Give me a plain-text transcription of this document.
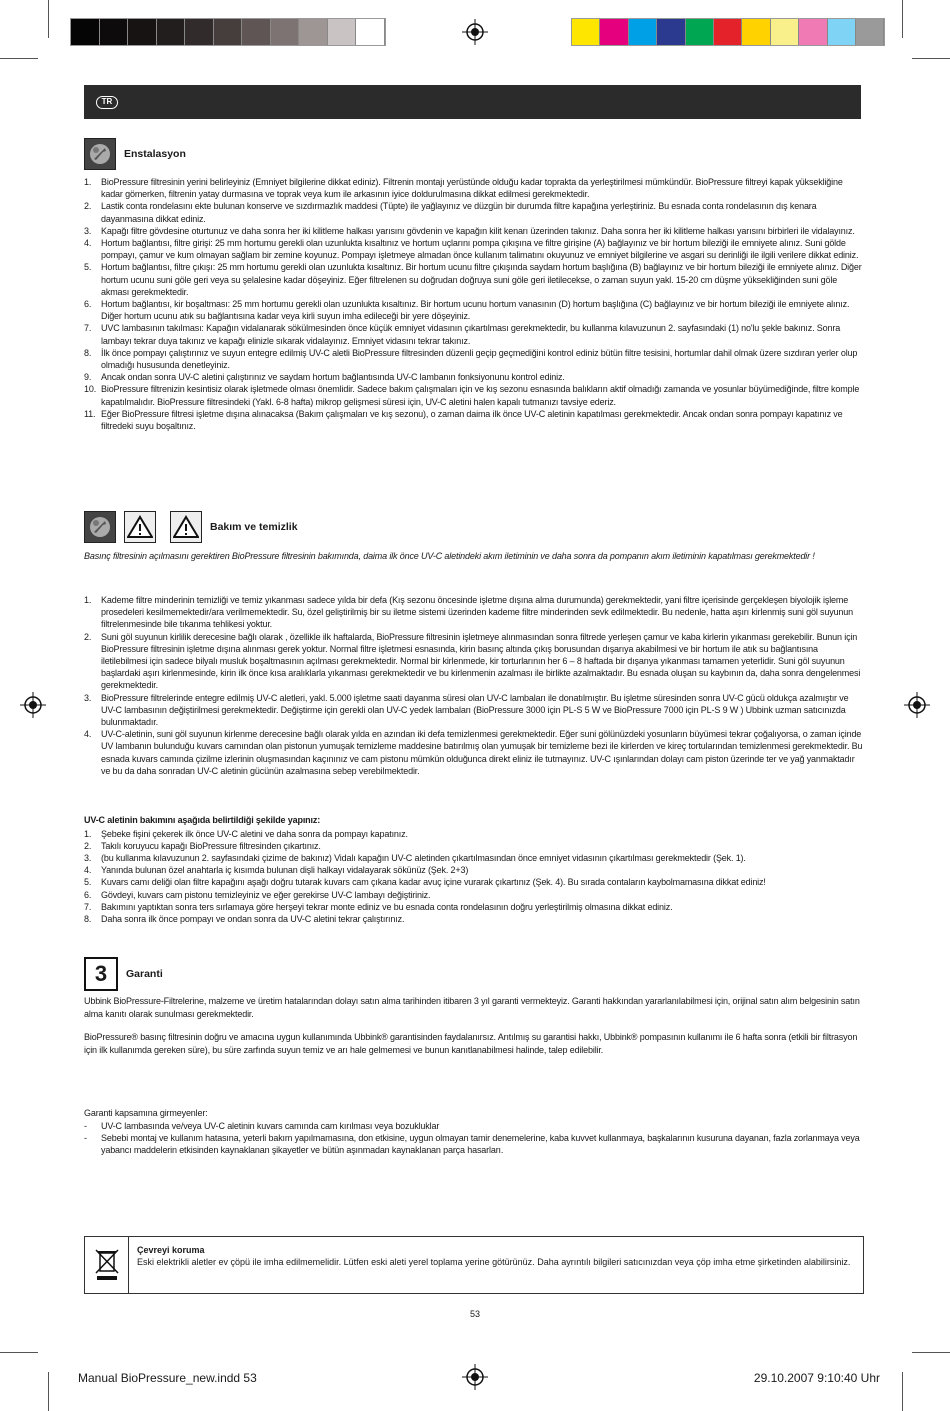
TR
Enstalasyon
1. BioPressure filtresinin yerini belirleyiniz (Emniyet bilgilerine dikkat ediniz). Filtrenin montajı yerüstünde olduğu kadar toprakta da yerleştirilmesi mümkündür. BioPressure filtreyi kapak yüksekliğine kadar gömerken, filtrenin yatay durmasına ve toprak veya kum ile arkasının iyice doldurulmasına dikkat edilmesi gerekmektedir.
2. Lastik conta rondelasını ekte bulunan konserve ve sızdırmazlık maddesi (Tüpte) ile yağlayınız ve düzgün bir durumda filtre kapağına yerleştiriniz. Bu esnada conta rondelasının dış kenara dayanmasına dikkat ediniz.
3. Kapağı filtre gövdesine oturtunuz ve daha sonra her iki kilitleme halkası yarısını gövdenin ve kapağın kilit kenarı üzerinden takınız. Daha sonra her iki kilitleme halkası yarısını birbirleri ile vidalayınız.
4. Hortum bağlantısı, filtre girişi: 25 mm hortumu gerekli olan uzunlukta kısaltınız ve hortum uçlarını pompa çıkışına ve filtre girişine (A) bağlayınız ve bir hortum bileziği ile emniyete alınız. Suni gölde pompayı, çamur ve kum olmayan sağlam bir zemine koyunuz. Pompayı işletmeye almadan önce kullanım talimatını okuyunuz ve emniyet bilgilerine ve asgari su derinliği ile ilgili verilere dikkat ediniz.
5. Hortum bağlantısı, filtre çıkışı: 25 mm hortumu gerekli olan uzunlukta kısaltınız. Bir hortum ucunu filtre çıkışında saydam hortum başlığına (B) bağlayınız ve bir hortum bileziği ile emniyete alınız. Diğer hortum ucunu suni göle geri veya su şelalesine kadar döşeyiniz. Eğer filtrelenen su doğrudan doğruya suni göle geri iletilecekse, o zaman suyun yakl. 15-20 cm düşme yüksekliğinden suni göle akması gerekmektedir.
6. Hortum bağlantısı, kir boşaltması: 25 mm hortumu gerekli olan uzunlukta kısaltınız. Bir hortum ucunu hortum vanasının (D) hortum başlığına (C) bağlayınız ve bir hortum bileziği ile emniyete alınız. Diğer hortum ucunu atık su bağlantısına kadar veya kirli suyun imha edileceği bir yere döşeyiniz.
7. UVC lambasının takılması: Kapağın vidalanarak sökülmesinden önce küçük emniyet vidasının çıkartılması gerekmektedir, bu kullanma kılavuzunun 2. sayfasındaki (1) no'lu şekle bakınız. Sonra lambayı tekrar duya takınız ve kapağı elinizle sıkarak vidalayınız. Emniyet vidasını tekrar takınız.
8. İlk önce pompayı çalıştırınız ve suyun entegre edilmiş UV-C aletli BioPressure filtresinden düzenli geçip geçmediğini kontrol ediniz bütün filtre tesisini, hortumlar dahil olmak üzere sızdıran yerler olup olmadığı hususunda denetleyiniz.
9. Ancak ondan sonra UV-C aletini çalıştırınız ve saydam hortum bağlantısında UV-C lambanın fonksiyonunu kontrol ediniz.
10. BioPressure filtrenizin kesintisiz olarak işletmede olması önemlidir. Sadece bakım çalışmaları için ve kış sezonu esnasında balıkların aktif olmadığı zamanda ve yosunlar büyümediğinde, filtre komple kapatılmalıdır. BioPressure filtresindeki (Yakl. 6-8 hafta) mikrop gelişmesi süresi için, UV-C aletini halen kapalı tutmanızı tavsiye ederiz.
11. Eğer BioPressure filtresi işletme dışına alınacaksa (Bakım çalışmaları ve kış sezonu), o zaman daima ilk önce UV-C aletinin kapatılması gerekmektedir. Ancak ondan sonra pompayı kapatınız ve filtredeki suyu boşaltınız.
Bakım ve temizlik

Basınç filtresinin açılmasını gerektiren BioPressure filtresinin bakımında, daima ilk önce UV-C aletindeki akım iletiminin ve daha sonra da pompanın akım iletiminin kapatılması gerekmektedir !

1. Kademe filtre minderinin temizliği ve temiz yıkanması sadece yılda bir defa (Kış sezonu öncesinde işletme dışına alma durumunda) gerekmektedir, yani filtre içerisinde gerçekleşen biyolojik işleme prosedeleri kesilmemektedir/ara verilmemektedir. Su, özel geliştirilmiş bir su iletme sistemi üzerinden kademe filtre minderinden sevk edilmektedir. Bu nedenle, hatta aşırı kirlenmiş suni göl suyunun filtrelenmesinde bile tıkanma tehlikesi yoktur.
2. Suni göl suyunun kirlilik derecesine bağlı olarak , özellikle ilk haftalarda, BioPressure filtresinin işletmeye alınmasından sonra filtrede yerleşen çamur ve kaba kirlerin yıkanması gerekebilir. Bunun için BioPressure filtresinin işletme dışına alınması gerek yoktur. Normal filtre işletmesi esnasında, kirin basınç altında çıkış borusundan dışarıya akabilmesi ve bir hortum ile atık su bağlantısına iletilebilmesi için sadece bilyalı musluk boşaltmasının açılması gerekmektedir. Normal bir kirlenmede, kir torturlarının her 6 – 8 haftada bir dışarıya yıkanması tamamen yeterlidir. Suni göl suyunun başlardaki aşırı kirlenmesinde, kirin ilk önce kısa aralıklarla yıkanması gerekmektedir ve bu kirlenmenin azalması ile birlikte azalmaktadır. Bu esnada oluşan su kaybının da, daha sonra dengelenmesi gerekmektedir.
3. BioPressure filtrelerinde entegre edilmiş UV-C aletleri, yakl. 5.000 işletme saati dayanma süresi olan UV-C lambaları ile donatılmıştır. Bu işletme süresinden sonra UV-C gücü oldukça azalmıştır ve UV-C lambasının değiştirilmesi gerekmektedir. Değiştirme için gerekli olan UV-C yedek lambaları (BioPressure 3000 için PL-S 5 W ve BioPressure 7000 için PL-S 9 W ) Ubbink uzman satıcınızda bulunmaktadır.
4. UV-C-aletinin, suni göl suyunun kirlenme derecesine bağlı olarak yılda en azından iki defa temizlenmesi gerekmektedir. Eğer suni gölünüzdeki yosunların büyümesi tekrar çoğalıyorsa, o zaman içinde UV lambanın bulunduğu kuvars camından olan pistonun yumuşak temizleme maddesine batırılmış olan yumuşak bir temizleme bezi ile kirlerden ve kireç tortularından temizlenmesi gerekmektedir. Bu esnada kuvars camında çizilme izlerinin oluşmasından kaçınınız ve cam pistonu mümkün olduğunca direkt eliniz ile tutmayınız. UV-C ışınlarından dolayı cam piston üzerinde ter ve yağ yanmaktadır ve bu da daha sonradan UV-C aletinin gücünün azalmasına sebep verebilmektedir.

UV-C aletinin bakımını aşağıda belirtildiği şekilde yapınız:

1. Şebeke fişini çekerek ilk önce UV-C aletini ve daha sonra da pompayı kapatınız.
2. Takılı koruyucu kapağı BioPressure filtresinden çıkartınız.
3. (bu kullanma kılavuzunun 2. sayfasındaki çizime de bakınız) Vidalı kapağın UV-C aletinden çıkartılmasından önce emniyet vidasının çıkartılması gerekmektedir (Şek. 1).
4. Yanında bulunan özel anahtarla iç kısımda bulunan dişli halkayı vidalayarak sökünüz (Şek. 2+3)
5. Kuvars camı deliği olan filtre kapağını aşağı doğru tutarak kuvars cam çıkana kadar avuç içine vurarak çıkartınız (Şek. 4). Bu sırada contaların kaybolmamasına dikkat ediniz!
6. Gövdeyi, kuvars cam pistonu temizleyiniz ve eğer gerekirse UV-C lambayı değiştiriniz.
7. Bakımını yaptıktan sonra ters sırlamaya göre herşeyi tekrar monte ediniz ve bu esnada conta rondelasının doğru yerleştirilmiş olmasına dikkat ediniz.
8. Daha sonra ilk önce pompayı ve ondan sonra da UV-C aletini tekrar çalıştırınız.
3 Garanti

Ubbink BioPressure-Filtrelerine, malzeme ve üretim hatalarından dolayı satın alma tarihinden itibaren 3 yıl garanti vermekteyiz. Garanti hakkından yararlanılabilmesi için, orijinal satın alım belgesinin satın alma kanıtı olarak sunulması gerekmektedir.

BioPressure® basınç filtresinin doğru ve amacına uygun kullanımında Ubbink® garantisinden faydalanırsız. Arıtılmış su garantisi hakkı, Ubbink® pompasının kullanımı ile 6 hafta sonra (etkili bir filtrasyon için ilk kullanımda gereken süre), bu süre zarfında suyun temiz ve arı hale gelmemesi ve bunun kanıtlanabilmesi halinde, talep edilebilir.

Garanti kapsamına girmeyenler:

- UV-C lambasında ve/veya UV-C aletinin kuvars camında cam kırılması veya bozukluklar
- Sebebi montaj ve kullanım hatasına, yeterli bakım yapılmamasına, don etkisine, uygun olmayan tamir denemelerine, kaba kuvvet kullanmaya, başkalarının kusuruna dayanan, fazla zorlanmaya veya yabancı maddelerin etkisinden kaynaklanan şikayetler ve bütün aşınmadan kaynaklanan parça hasarları.
Çevreyi koruma
Eski elektrikli aletler ev çöpü ile imha edilmemelidir. Lütfen eski aleti yerel toplama yerine götürünüz. Daha ayrıntılı bilgileri satıcınızdan veya çöp imha etme şirketinden alabilirsiniz.
53
Manual BioPressure_new.indd 53	29.10.2007 9:10:40 Uhr
